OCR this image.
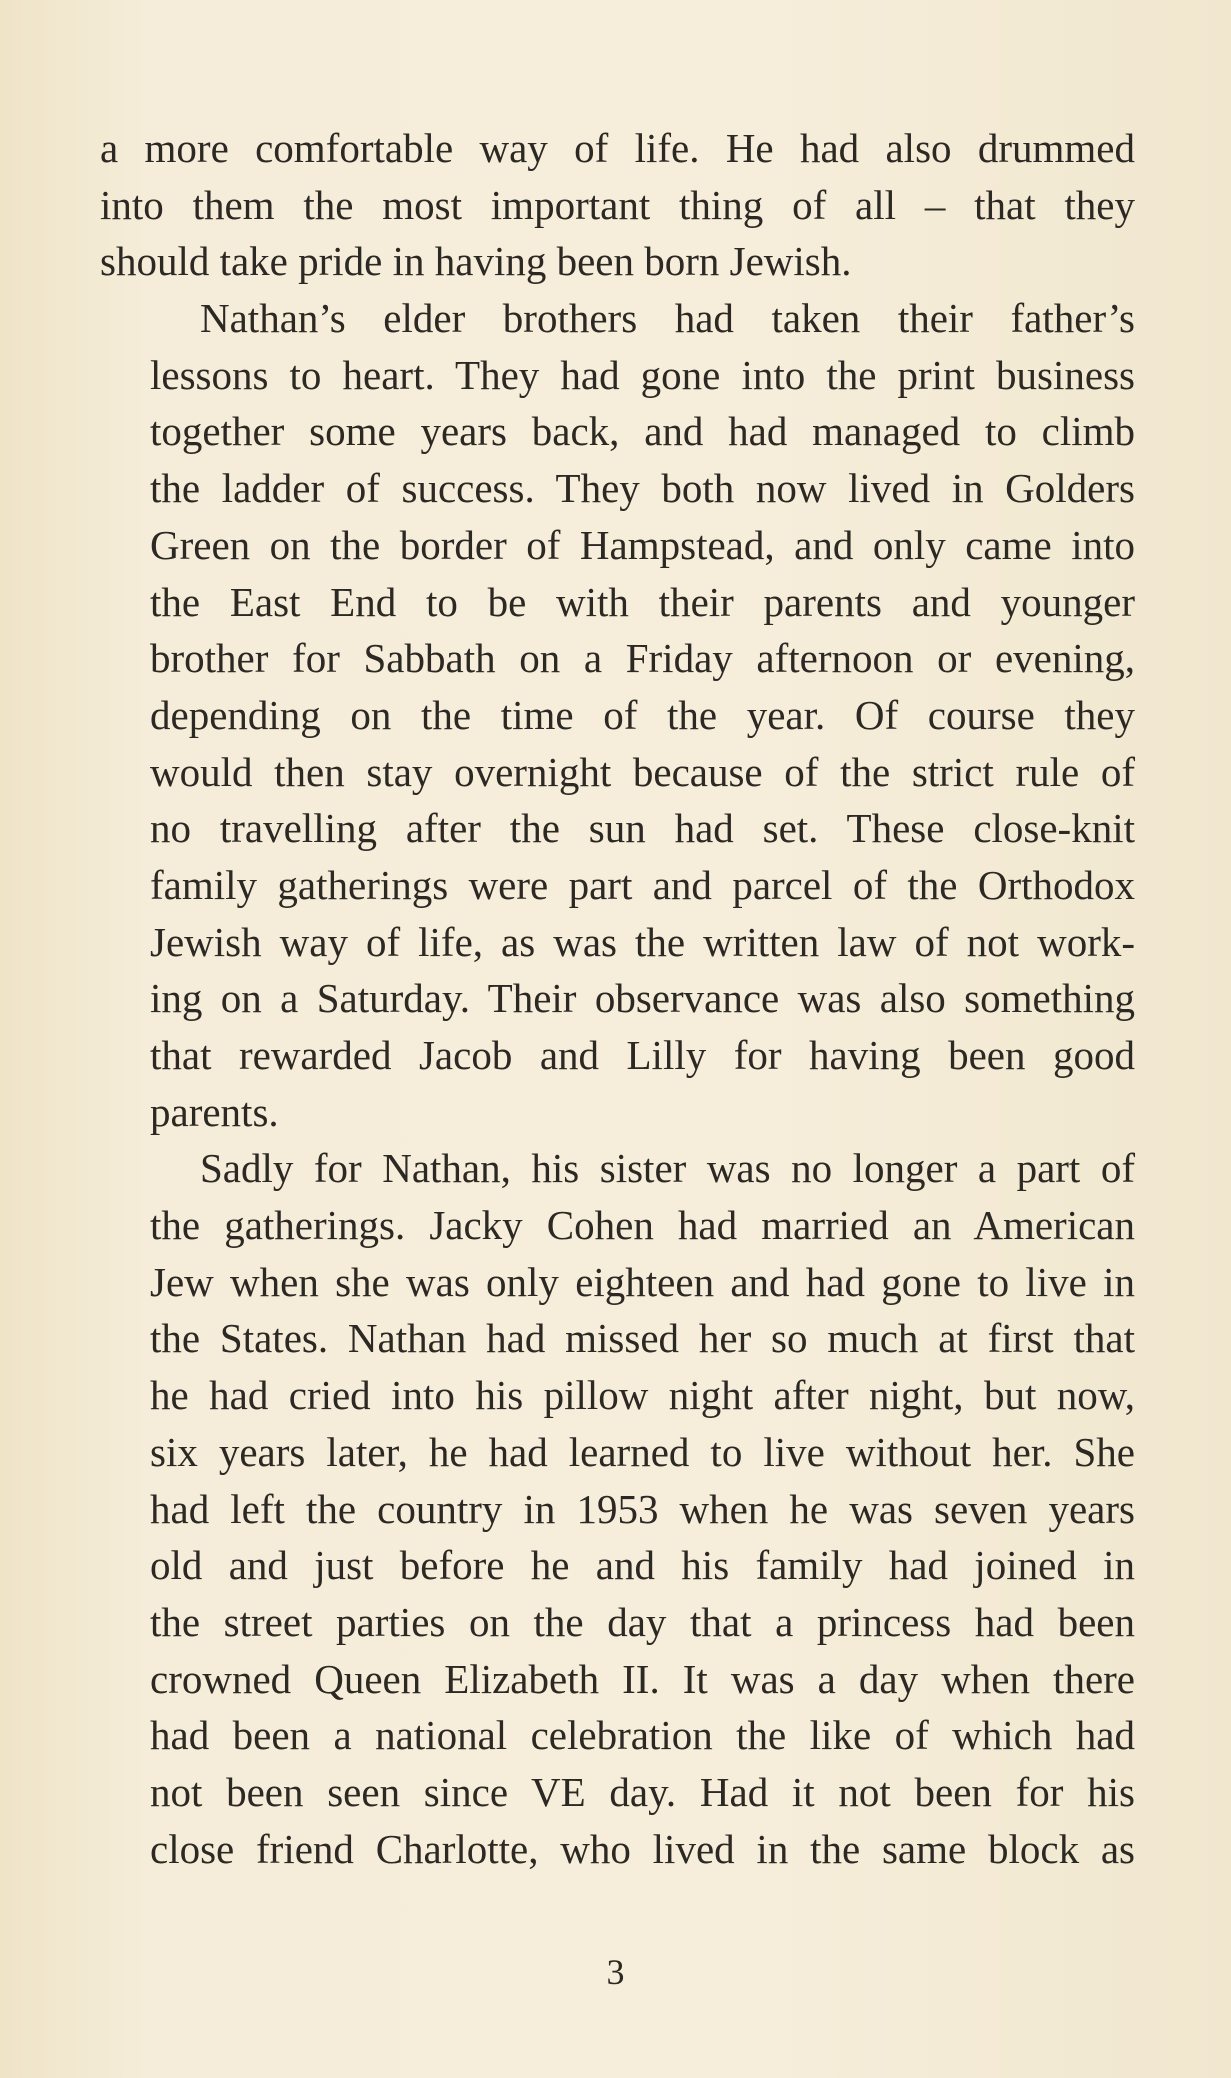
a more comfortable way of life. He had also drummed
into them the most important thing of all – that they
should take pride in having been born Jewish.
Nathan’s elder brothers had taken their father’s
lessons to heart. They had gone into the print business
together some years back, and had managed to climb
the ladder of success. They both now lived in Golders
Green on the border of Hampstead, and only came into
the East End to be with their parents and younger
brother for Sabbath on a Friday afternoon or evening,
depending on the time of the year. Of course they
would then stay overnight because of the strict rule of
no travelling after the sun had set. These close-knit
family gatherings were part and parcel of the Orthodox
Jewish way of life, as was the written law of not work-
ing on a Saturday. Their observance was also something
that rewarded Jacob and Lilly for having been good
parents.
Sadly for Nathan, his sister was no longer a part of
the gatherings. Jacky Cohen had married an American
Jew when she was only eighteen and had gone to live in
the States. Nathan had missed her so much at first that
he had cried into his pillow night after night, but now,
six years later, he had learned to live without her. She
had left the country in 1953 when he was seven years
old and just before he and his family had joined in
the street parties on the day that a princess had been
crowned Queen Elizabeth II. It was a day when there
had been a national celebration the like of which had
not been seen since VE day. Had it not been for his
close friend Charlotte, who lived in the same block as
3
